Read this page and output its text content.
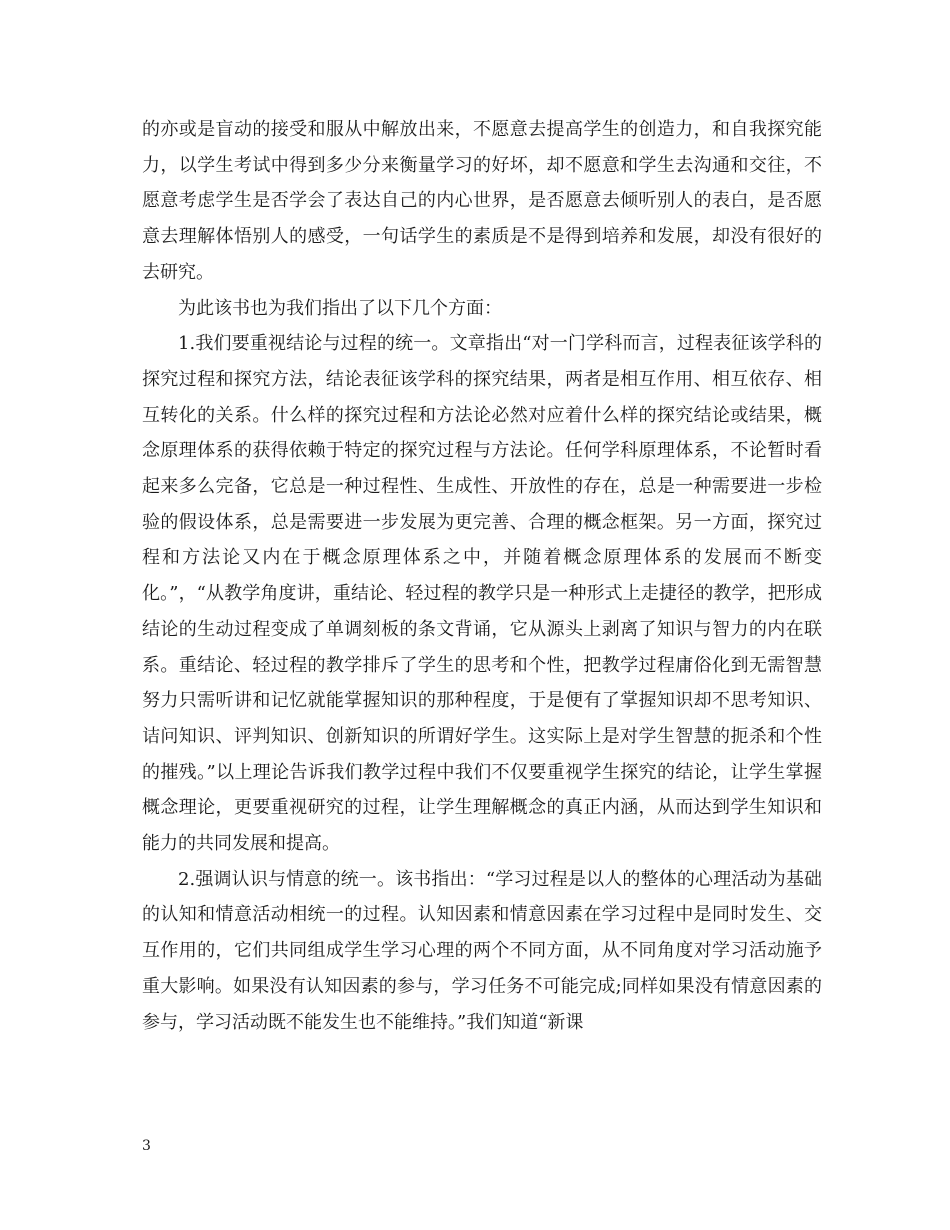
的亦或是盲动的接受和服从中解放出来，不愿意去提高学生的创造力，和自我探究能力，以学生考试中得到多少分来衡量学习的好坏，却不愿意和学生去沟通和交往，不愿意考虑学生是否学会了表达自己的内心世界，是否愿意去倾听别人的表白，是否愿意去理解体悟别人的感受，一句话学生的素质是不是得到培养和发展，却没有很好的去研究。

为此该书也为我们指出了以下几个方面：

1.我们要重视结论与过程的统一。文章指出“对一门学科而言，过程表征该学科的探究过程和探究方法，结论表征该学科的探究结果，两者是相互作用、相互依存、相互转化的关系。什么样的探究过程和方法论必然对应着什么样的探究结论或结果，概念原理体系的获得依赖于特定的探究过程与方法论。任何学科原理体系，不论暂时看起来多么完备，它总是一种过程性、生成性、开放性的存在，总是一种需要进一步检验的假设体系，总是需要进一步发展为更完善、合理的概念框架。另一方面，探究过程和方法论又内在于概念原理体系之中，并随着概念原理体系的发展而不断变化。”，“从教学角度讲，重结论、轻过程的教学只是一种形式上走捷径的教学，把形成结论的生动过程变成了单调刻板的条文背诵，它从源头上剥离了知识与智力的内在联系。重结论、轻过程的教学排斥了学生的思考和个性，把教学过程庸俗化到无需智慧努力只需听讲和记忆就能掌握知识的那种程度，于是便有了掌握知识却不思考知识、诘问知识、评判知识、创新知识的所谓好学生。这实际上是对学生智慧的扼杀和个性的摧残。”以上理论告诉我们教学过程中我们不仅要重视学生探究的结论，让学生掌握概念理论，更要重视研究的过程，让学生理解概念的真正内涵，从而达到学生知识和能力的共同发展和提高。

2.强调认识与情意的统一。该书指出：“学习过程是以人的整体的心理活动为基础的认知和情意活动相统一的过程。认知因素和情意因素在学习过程中是同时发生、交互作用的，它们共同组成学生学习心理的两个不同方面，从不同角度对学习活动施予重大影响。如果没有认知因素的参与，学习任务不可能完成;同样如果没有情意因素的参与，学习活动既不能发生也不能维持。”我们知道“新课

3
